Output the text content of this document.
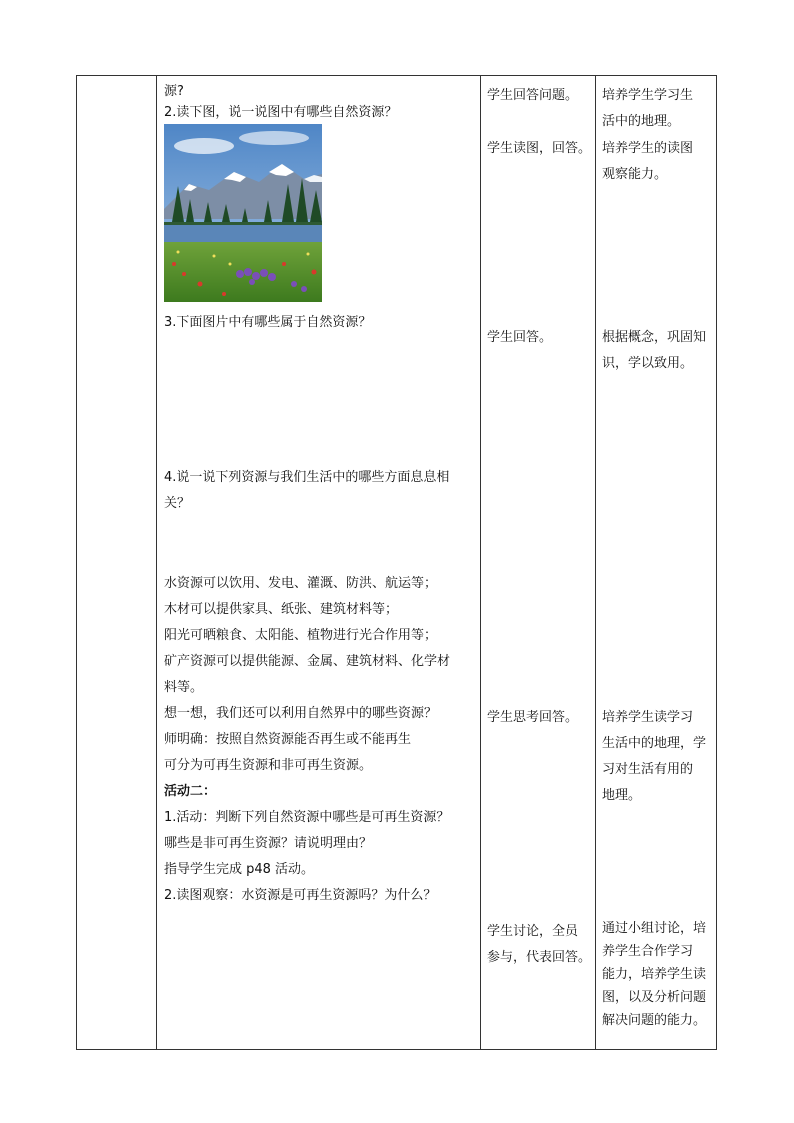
源?
2.读下图，说一说图中有哪些自然资源？
3.下面图片中有哪些属于自然资源？
4.说一说下列资源与我们生活中的哪些方面息息相
关？
水资源可以饮用、发电、灌溉、防洪、航运等；
木材可以提供家具、纸张、建筑材料等；
阳光可晒粮食、太阳能、植物进行光合作用等；
矿产资源可以提供能源、金属、建筑材料、化学材
料等。
想一想，我们还可以利用自然界中的哪些资源？
师明确：按照自然资源能否再生或不能再生
可分为可再生资源和非可再生资源。
活动二：
1.活动：判断下列自然资源中哪些是可再生资源？
哪些是非可再生资源？请说明理由？
指导学生完成 p48 活动。
2.读图观察：水资源是可再生资源吗？为什么？
学生回答问题。
学生读图，回答。
学生回答。
学生思考回答。
学生讨论，全员
参与，代表回答。
培养学生学习生
活中的地理。
培养学生的读图
观察能力。
根据概念，巩固知
识，学以致用。
培养学生读学习
生活中的地理，学
习对生活有用的
地理。
通过小组讨论，培
养学生合作学习
能力，培养学生读
图，以及分析问题
解决问题的能力。
